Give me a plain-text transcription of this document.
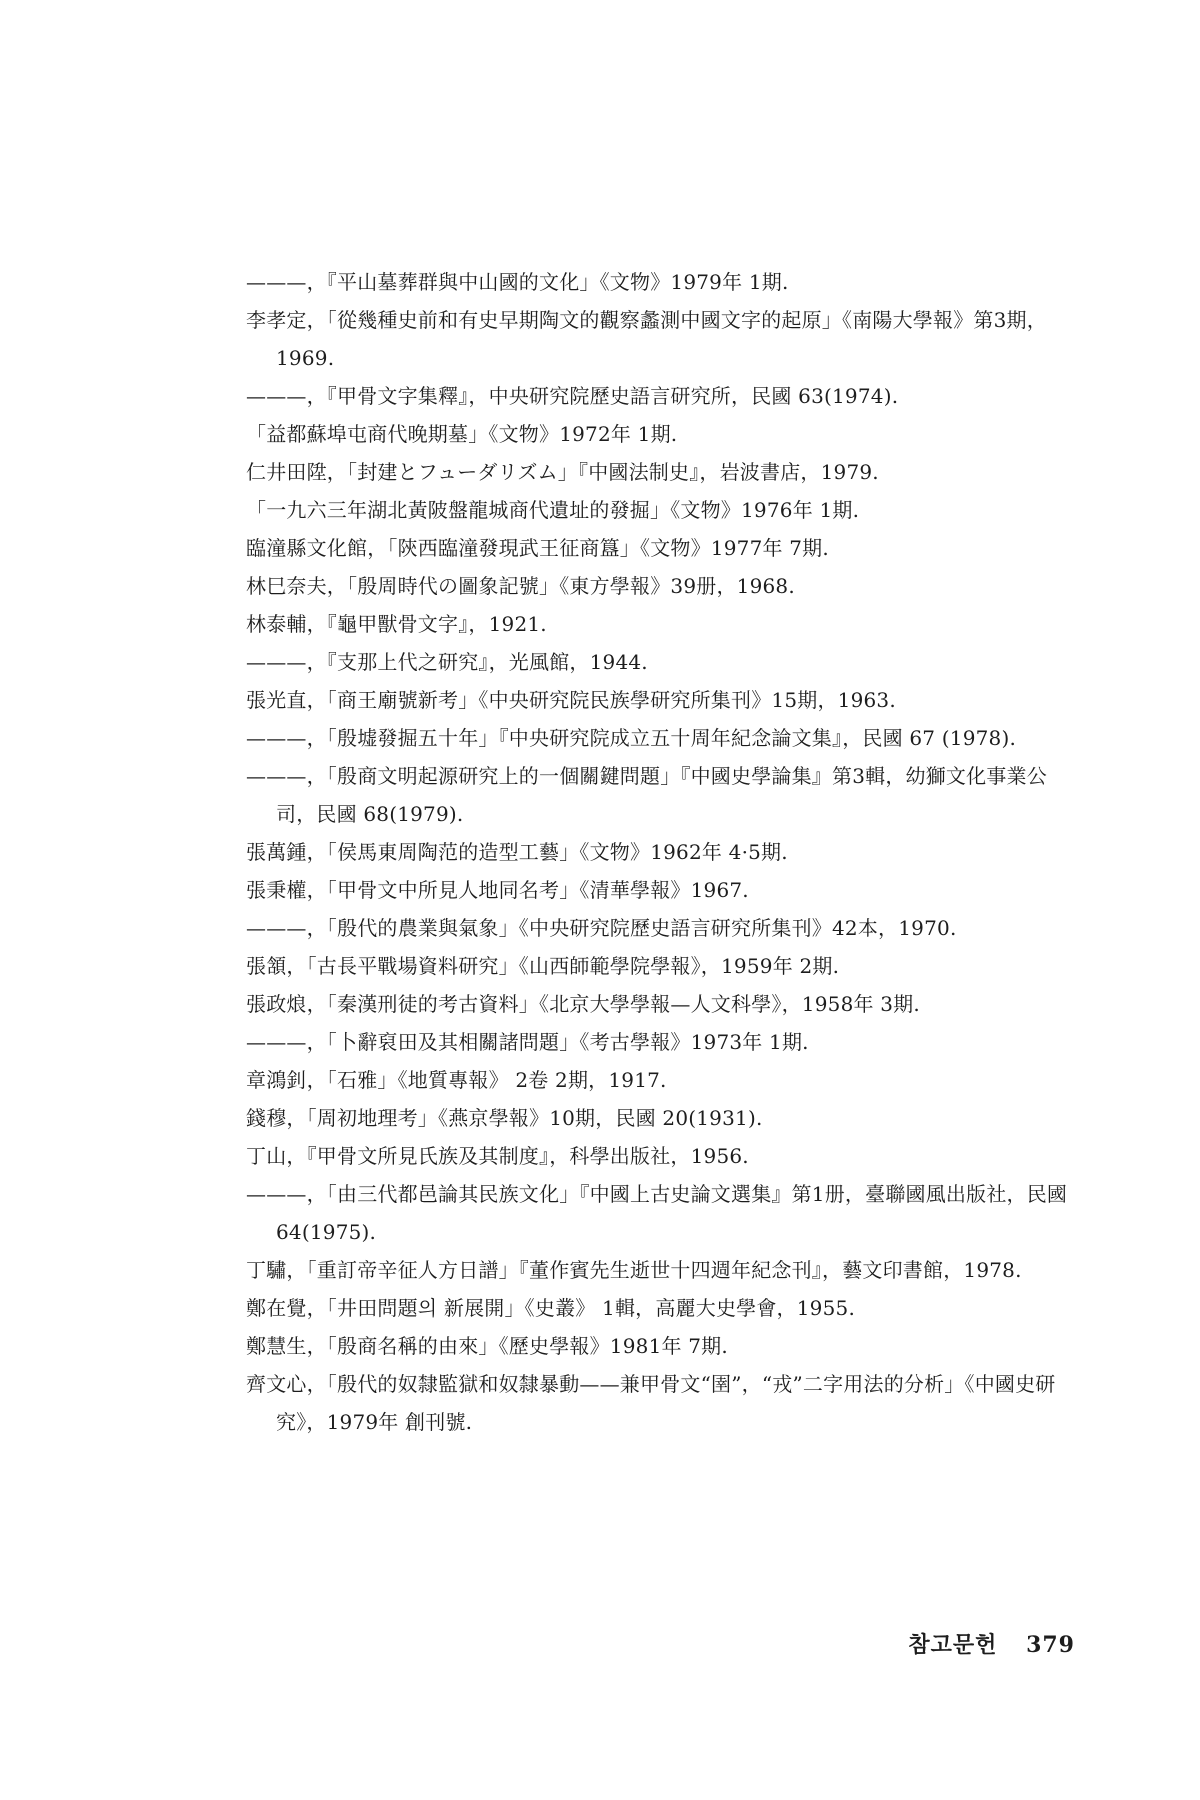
———，『平山墓葬群與中山國的文化」《文物》1979年 1期.

李孝定，「從幾種史前和有史早期陶文的觀察蠡測中國文字的起原」《南陽大學報》第3期，1969.

———，『甲骨文字集釋』，中央研究院歷史語言研究所，民國 63(1974).

「益都蘇埠屯商代晚期墓」《文物》1972年 1期.

仁井田陞，「封建とフューダリズム」『中國法制史』，岩波書店，1979.

「一九六三年湖北黃陂盤龍城商代遺址的發掘」《文物》1976年 1期.

臨潼縣文化館，「陝西臨潼發現武王征商簋」《文物》1977年 7期.

林巳奈夫，「殷周時代の圖象記號」《東方學報》39册，1968.

林泰輔，『龜甲獸骨文字』，1921.

———，『支那上代之研究』，光風館，1944.

張光直，「商王廟號新考」《中央研究院民族學研究所集刊》15期，1963.

———，「殷墟發掘五十年」『中央研究院成立五十周年紀念論文集』，民國 67 (1978).

———，「殷商文明起源研究上的一個關鍵問題」『中國史學論集』第3輯，幼獅文化事業公司，民國 68(1979).

張萬鍾，「侯馬東周陶范的造型工藝」《文物》1962年 4·5期.

張秉權，「甲骨文中所見人地同名考」《清華學報》1967.

———，「殷代的農業與氣象」《中央研究院歷史語言研究所集刊》42本，1970.

張頷，「古長平戰場資料研究」《山西師範學院學報》，1959年 2期.

張政烺，「秦漢刑徒的考古資料」《北京大學學報—人文科學》，1958年 3期.

———，「卜辭裒田及其相關諸問題」《考古學報》1973年 1期.

章鴻釗，「石雅」《地質專報》 2卷 2期，1917.

錢穆，「周初地理考」《燕京學報》10期，民國 20(1931).

丁山，『甲骨文所見氏族及其制度』，科學出版社，1956.

———，「由三代都邑論其民族文化」『中國上古史論文選集』第1册，臺聯國風出版社，民國 64(1975).

丁驌，「重訂帝辛征人方日譜」『董作賓先生逝世十四週年紀念刊』，藝文印書館，1978.

鄭在覺，「井田問題의 新展開」《史叢》 1輯，高麗大史學會，1955.

鄭慧生，「殷商名稱的由來」《歷史學報》1981年 7期.

齊文心，「殷代的奴隸監獄和奴隸暴動——兼甲骨文“圉”，“戎”二字用法的分析」《中國史研究》，1979年 創刊號.

참고문헌 379
